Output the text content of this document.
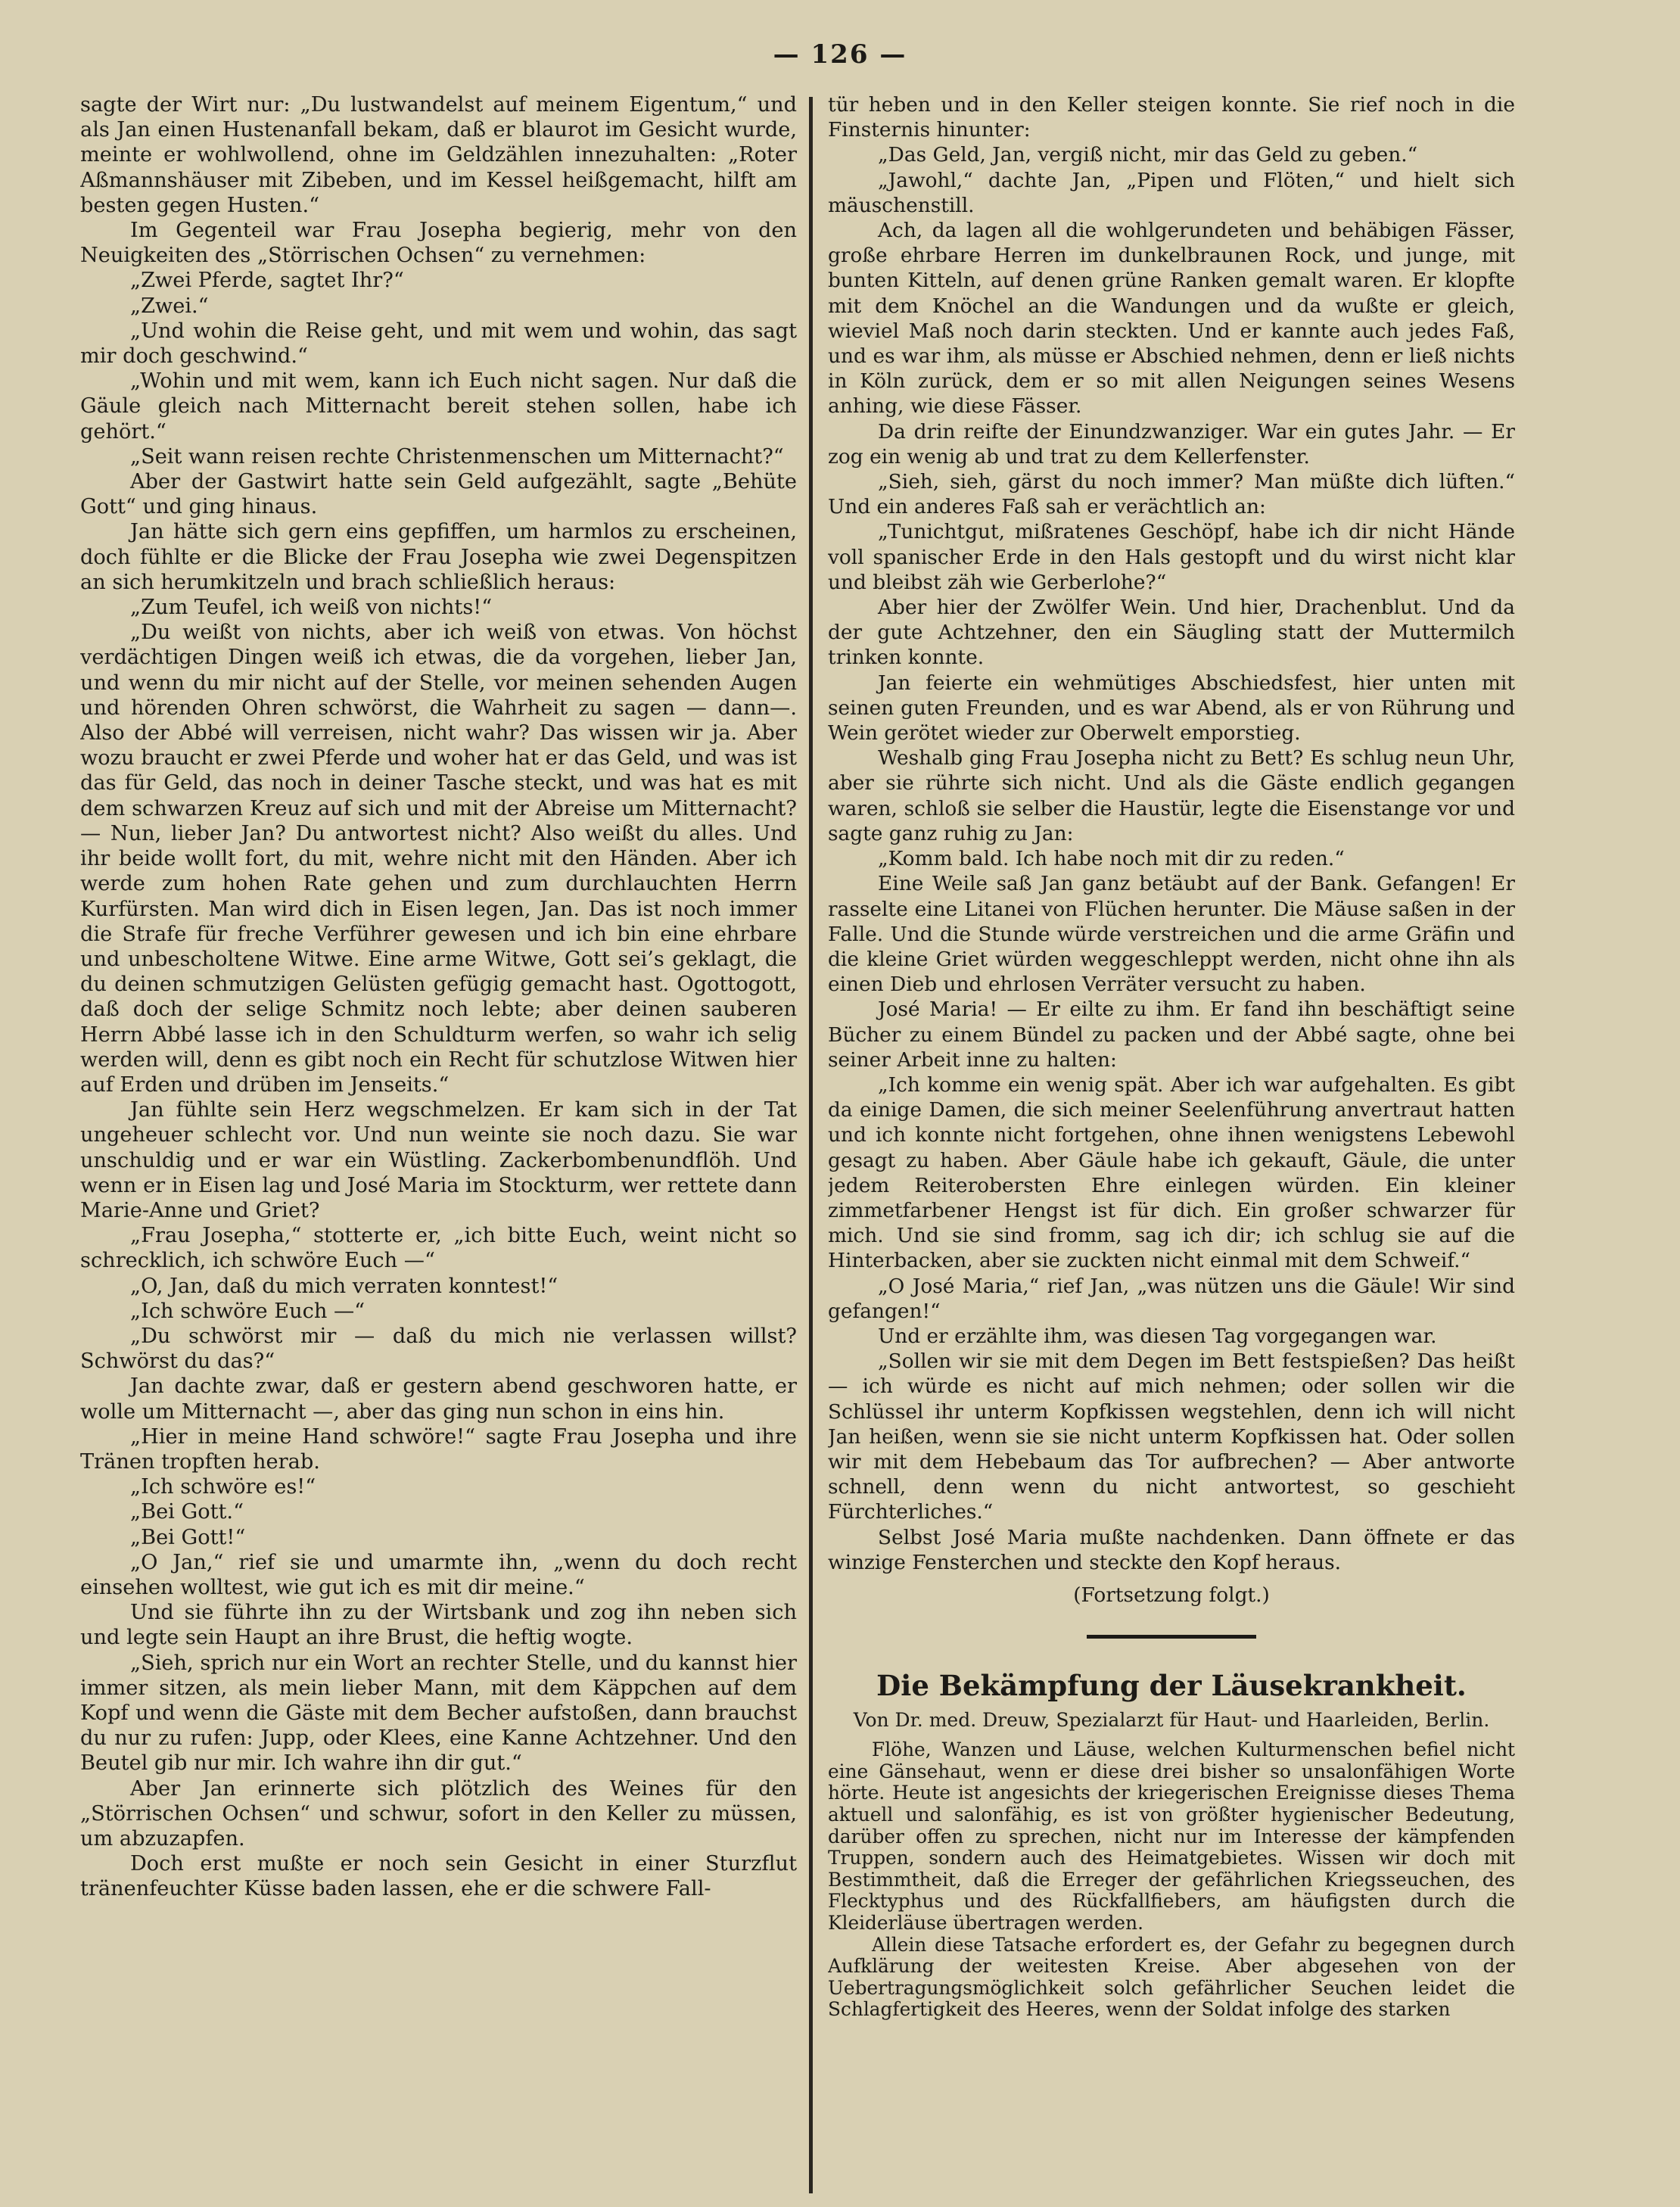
— 126 —

sagte der Wirt nur: „Du lustwandelst auf meinem Eigentum,“ und als Jan einen Hustenanfall bekam, daß er blaurot im Gesicht wurde, meinte er wohlwollend, ohne im Geldzählen innezuhalten: „Roter Aßmannshäuser mit Zibeben, und im Kessel heißgemacht, hilft am besten gegen Husten.“

Im Gegenteil war Frau Josepha begierig, mehr von den Neuigkeiten des „Störrischen Ochsen“ zu vernehmen:

„Zwei Pferde, sagtet Ihr?“

„Zwei.“

„Und wohin die Reise geht, und mit wem und wohin, das sagt mir doch geschwind.“

„Wohin und mit wem, kann ich Euch nicht sagen. Nur daß die Gäule gleich nach Mitternacht bereit stehen sollen, habe ich gehört.“

„Seit wann reisen rechte Christenmenschen um Mitternacht?“

Aber der Gastwirt hatte sein Geld aufgezählt, sagte „Behüte Gott“ und ging hinaus.

Jan hätte sich gern eins gepfiffen, um harmlos zu erscheinen, doch fühlte er die Blicke der Frau Josepha wie zwei Degenspitzen an sich herumkitzeln und brach schließlich heraus:

„Zum Teufel, ich weiß von nichts!“

„Du weißt von nichts, aber ich weiß von etwas. Von höchst verdächtigen Dingen weiß ich etwas, die da vorgehen, lieber Jan, und wenn du mir nicht auf der Stelle, vor meinen sehenden Augen und hörenden Ohren schwörst, die Wahrheit zu sagen — dann—. Also der Abbé will verreisen, nicht wahr? Das wissen wir ja. Aber wozu braucht er zwei Pferde und woher hat er das Geld, und was ist das für Geld, das noch in deiner Tasche steckt, und was hat es mit dem schwarzen Kreuz auf sich und mit der Abreise um Mitternacht? — Nun, lieber Jan? Du antwortest nicht? Also weißt du alles. Und ihr beide wollt fort, du mit, wehre nicht mit den Händen. Aber ich werde zum hohen Rate gehen und zum durchlauchten Herrn Kurfürsten. Man wird dich in Eisen legen, Jan. Das ist noch immer die Strafe für freche Verführer gewesen und ich bin eine ehrbare und unbescholtene Witwe. Eine arme Witwe, Gott sei’s geklagt, die du deinen schmutzigen Gelüsten gefügig gemacht hast. Ogottogott, daß doch der selige Schmitz noch lebte; aber deinen sauberen Herrn Abbé lasse ich in den Schuldturm werfen, so wahr ich selig werden will, denn es gibt noch ein Recht für schutzlose Witwen hier auf Erden und drüben im Jenseits.“

Jan fühlte sein Herz wegschmelzen. Er kam sich in der Tat ungeheuer schlecht vor. Und nun weinte sie noch dazu. Sie war unschuldig und er war ein Wüstling. Zackerbombenundflöh. Und wenn er in Eisen lag und José Maria im Stockturm, wer rettete dann Marie-Anne und Griet?

„Frau Josepha,“ stotterte er, „ich bitte Euch, weint nicht so schrecklich, ich schwöre Euch —“

„O, Jan, daß du mich verraten konntest!“

„Ich schwöre Euch —“

„Du schwörst mir — daß du mich nie verlassen willst? Schwörst du das?“

Jan dachte zwar, daß er gestern abend geschworen hatte, er wolle um Mitternacht —, aber das ging nun schon in eins hin.

„Hier in meine Hand schwöre!“ sagte Frau Josepha und ihre Tränen tropften herab.

„Ich schwöre es!“

„Bei Gott.“

„Bei Gott!“

„O Jan,“ rief sie und umarmte ihn, „wenn du doch recht einsehen wolltest, wie gut ich es mit dir meine.“

Und sie führte ihn zu der Wirtsbank und zog ihn neben sich und legte sein Haupt an ihre Brust, die heftig wogte.

„Sieh, sprich nur ein Wort an rechter Stelle, und du kannst hier immer sitzen, als mein lieber Mann, mit dem Käppchen auf dem Kopf und wenn die Gäste mit dem Becher aufstoßen, dann brauchst du nur zu rufen: Jupp, oder Klees, eine Kanne Achtzehner. Und den Beutel gib nur mir. Ich wahre ihn dir gut.“

Aber Jan erinnerte sich plötzlich des Weines für den „Störrischen Ochsen“ und schwur, sofort in den Keller zu müssen, um abzuzapfen.

Doch erst mußte er noch sein Gesicht in einer Sturzflut tränenfeuchter Küsse baden lassen, ehe er die schwere Fall-

tür heben und in den Keller steigen konnte. Sie rief noch in die Finsternis hinunter:

„Das Geld, Jan, vergiß nicht, mir das Geld zu geben.“

„Jawohl,“ dachte Jan, „Pipen und Flöten,“ und hielt sich mäuschenstill.

Ach, da lagen all die wohlgerundeten und behäbigen Fässer, große ehrbare Herren im dunkelbraunen Rock, und junge, mit bunten Kitteln, auf denen grüne Ranken gemalt waren. Er klopfte mit dem Knöchel an die Wandungen und da wußte er gleich, wieviel Maß noch darin steckten. Und er kannte auch jedes Faß, und es war ihm, als müsse er Abschied nehmen, denn er ließ nichts in Köln zurück, dem er so mit allen Neigungen seines Wesens anhing, wie diese Fässer.

Da drin reifte der Einundzwanziger. War ein gutes Jahr. — Er zog ein wenig ab und trat zu dem Kellerfenster.

„Sieh, sieh, gärst du noch immer? Man müßte dich lüften.“ Und ein anderes Faß sah er verächtlich an:

„Tunichtgut, mißratenes Geschöpf, habe ich dir nicht Hände voll spanischer Erde in den Hals gestopft und du wirst nicht klar und bleibst zäh wie Gerberlohe?“

Aber hier der Zwölfer Wein. Und hier, Drachenblut. Und da der gute Achtzehner, den ein Säugling statt der Muttermilch trinken konnte.

Jan feierte ein wehmütiges Abschiedsfest, hier unten mit seinen guten Freunden, und es war Abend, als er von Rührung und Wein gerötet wieder zur Oberwelt emporstieg.

Weshalb ging Frau Josepha nicht zu Bett? Es schlug neun Uhr, aber sie rührte sich nicht. Und als die Gäste endlich gegangen waren, schloß sie selber die Haustür, legte die Eisenstange vor und sagte ganz ruhig zu Jan:

„Komm bald. Ich habe noch mit dir zu reden.“

Eine Weile saß Jan ganz betäubt auf der Bank. Gefangen! Er rasselte eine Litanei von Flüchen herunter. Die Mäuse saßen in der Falle. Und die Stunde würde verstreichen und die arme Gräfin und die kleine Griet würden weggeschleppt werden, nicht ohne ihn als einen Dieb und ehrlosen Verräter versucht zu haben.

José Maria! — Er eilte zu ihm. Er fand ihn beschäftigt seine Bücher zu einem Bündel zu packen und der Abbé sagte, ohne bei seiner Arbeit inne zu halten:

„Ich komme ein wenig spät. Aber ich war aufgehalten. Es gibt da einige Damen, die sich meiner Seelenführung anvertraut hatten und ich konnte nicht fortgehen, ohne ihnen wenigstens Lebewohl gesagt zu haben. Aber Gäule habe ich gekauft, Gäule, die unter jedem Reiterobersten Ehre einlegen würden. Ein kleiner zimmetfarbener Hengst ist für dich. Ein großer schwarzer für mich. Und sie sind fromm, sag ich dir; ich schlug sie auf die Hinterbacken, aber sie zuckten nicht einmal mit dem Schweif.“

„O José Maria,“ rief Jan, „was nützen uns die Gäule! Wir sind gefangen!“

Und er erzählte ihm, was diesen Tag vorgegangen war.

„Sollen wir sie mit dem Degen im Bett festspießen? Das heißt — ich würde es nicht auf mich nehmen; oder sollen wir die Schlüssel ihr unterm Kopfkissen wegstehlen, denn ich will nicht Jan heißen, wenn sie sie nicht unterm Kopfkissen hat. Oder sollen wir mit dem Hebebaum das Tor aufbrechen? — Aber antworte schnell, denn wenn du nicht antwortest, so geschieht Fürchterliches.“

Selbst José Maria mußte nachdenken. Dann öffnete er das winzige Fensterchen und steckte den Kopf heraus.

(Fortsetzung folgt.)

Die Bekämpfung der Läusekrankheit.
Von Dr. med. Dreuw, Spezialarzt für Haut- und Haarleiden, Berlin.

Flöhe, Wanzen und Läuse, welchen Kulturmenschen befiel nicht eine Gänsehaut, wenn er diese drei bisher so unsalonfähigen Worte hörte. Heute ist angesichts der kriegerischen Ereignisse dieses Thema aktuell und salonfähig, es ist von größter hygienischer Bedeutung, darüber offen zu sprechen, nicht nur im Interesse der kämpfenden Truppen, sondern auch des Heimatgebietes. Wissen wir doch mit Bestimmtheit, daß die Erreger der gefährlichen Kriegsseuchen, des Flecktyphus und des Rückfallfiebers, am häufigsten durch die Kleiderläuse übertragen werden.

Allein diese Tatsache erfordert es, der Gefahr zu begegnen durch Aufklärung der weitesten Kreise. Aber abgesehen von der Uebertragungsmöglichkeit solch gefährlicher Seuchen leidet die Schlagfertigkeit des Heeres, wenn der Soldat infolge des starken
